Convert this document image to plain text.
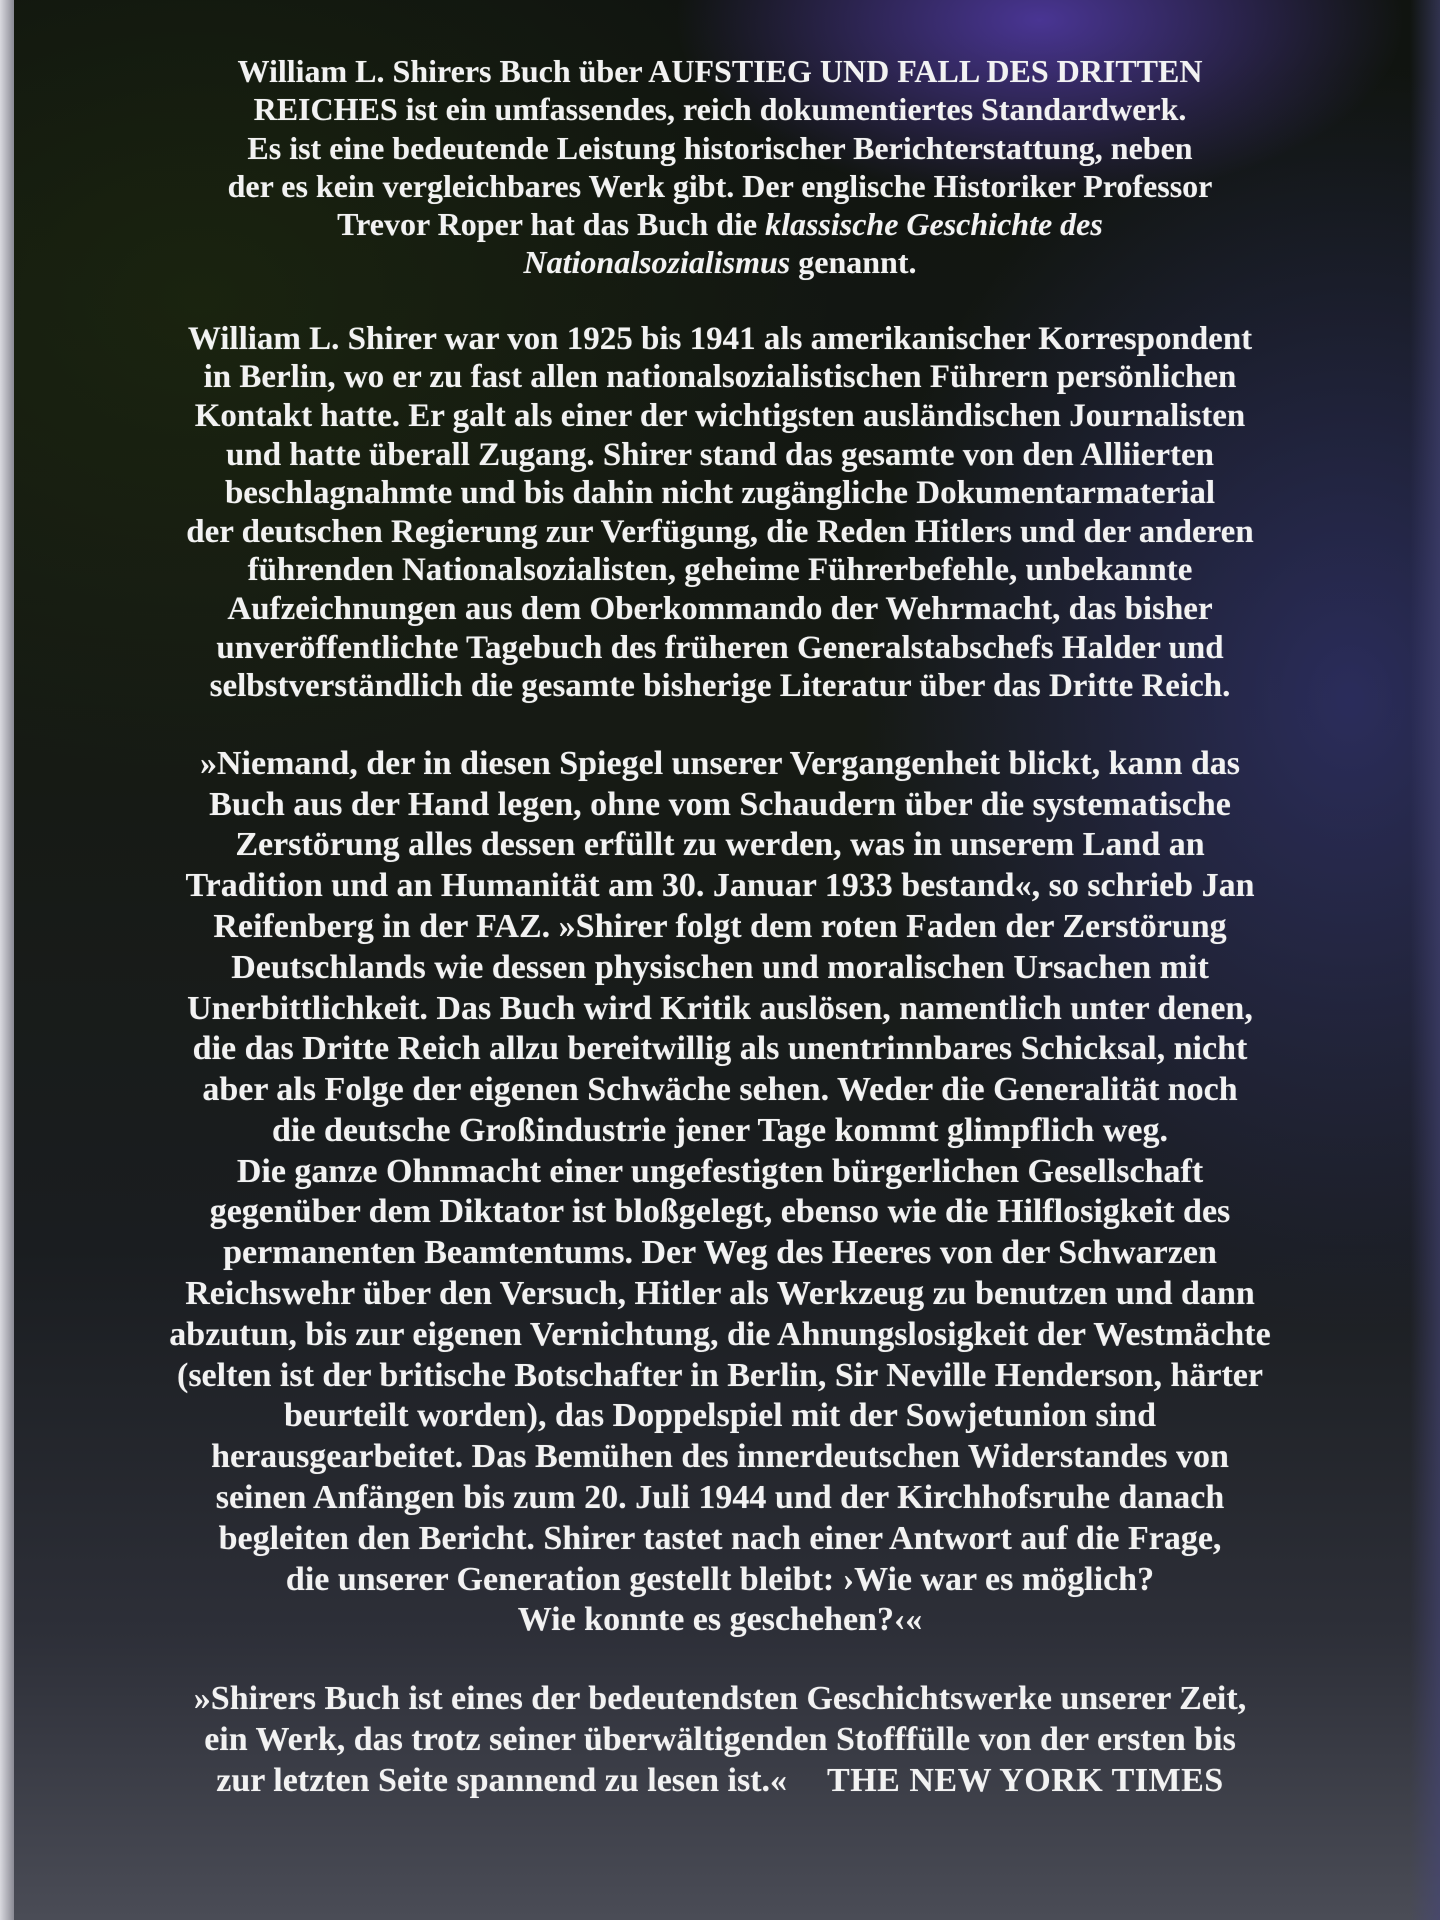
William L. Shirers Buch über AUFSTIEG UND FALL DES DRITTEN
REICHES ist ein umfassendes, reich dokumentiertes Standardwerk.
Es ist eine bedeutende Leistung historischer Berichterstattung, neben
der es kein vergleichbares Werk gibt. Der englische Historiker Professor
Trevor Roper hat das Buch die klassische Geschichte des
Nationalsozialismus genannt.

William L. Shirer war von 1925 bis 1941 als amerikanischer Korrespondent
in Berlin, wo er zu fast allen nationalsozialistischen Führern persönlichen
Kontakt hatte. Er galt als einer der wichtigsten ausländischen Journalisten
und hatte überall Zugang. Shirer stand das gesamte von den Alliierten
beschlagnahmte und bis dahin nicht zugängliche Dokumentarmaterial
der deutschen Regierung zur Verfügung, die Reden Hitlers und der anderen
führenden Nationalsozialisten, geheime Führerbefehle, unbekannte
Aufzeichnungen aus dem Oberkommando der Wehrmacht, das bisher
unveröffentlichte Tagebuch des früheren Generalstabschefs Halder und
selbstverständlich die gesamte bisherige Literatur über das Dritte Reich.

»Niemand, der in diesen Spiegel unserer Vergangenheit blickt, kann das
Buch aus der Hand legen, ohne vom Schaudern über die systematische
Zerstörung alles dessen erfüllt zu werden, was in unserem Land an
Tradition und an Humanität am 30. Januar 1933 bestand«, so schrieb Jan
Reifenberg in der FAZ. »Shirer folgt dem roten Faden der Zerstörung
Deutschlands wie dessen physischen und moralischen Ursachen mit
Unerbittlichkeit. Das Buch wird Kritik auslösen, namentlich unter denen,
die das Dritte Reich allzu bereitwillig als unentrinnbares Schicksal, nicht
aber als Folge der eigenen Schwäche sehen. Weder die Generalität noch
die deutsche Großindustrie jener Tage kommt glimpflich weg.
Die ganze Ohnmacht einer ungefestigten bürgerlichen Gesellschaft
gegenüber dem Diktator ist bloßgelegt, ebenso wie die Hilflosigkeit des
permanenten Beamtentums. Der Weg des Heeres von der Schwarzen
Reichswehr über den Versuch, Hitler als Werkzeug zu benutzen und dann
abzutun, bis zur eigenen Vernichtung, die Ahnungslosigkeit der Westmächte
(selten ist der britische Botschafter in Berlin, Sir Neville Henderson, härter
beurteilt worden), das Doppelspiel mit der Sowjetunion sind
herausgearbeitet. Das Bemühen des innerdeutschen Widerstandes von
seinen Anfängen bis zum 20. Juli 1944 und der Kirchhofsruhe danach
begleiten den Bericht. Shirer tastet nach einer Antwort auf die Frage,
die unserer Generation gestellt bleibt: ›Wie war es möglich?
Wie konnte es geschehen?‹«

»Shirers Buch ist eines der bedeutendsten Geschichtswerke unserer Zeit,
ein Werk, das trotz seiner überwältigenden Stofffülle von der ersten bis
zur letzten Seite spannend zu lesen ist.« THE NEW YORK TIMES
